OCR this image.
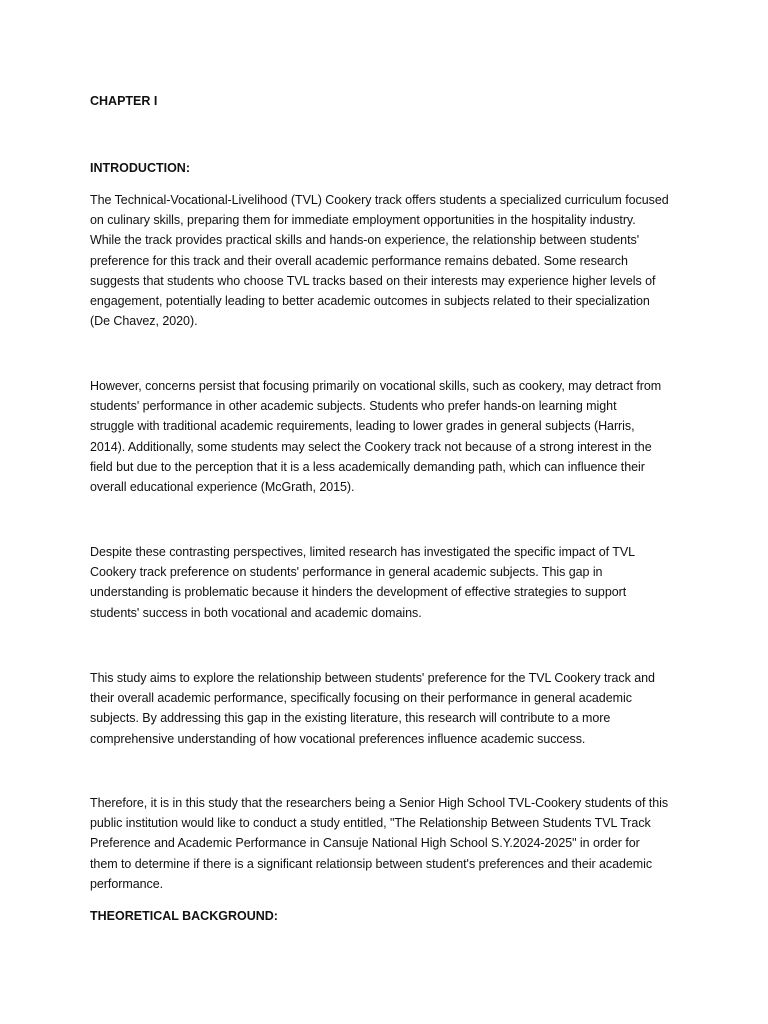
CHAPTER I
INTRODUCTION:

The Technical-Vocational-Livelihood (TVL) Cookery track offers students a specialized curriculum focused
on culinary skills, preparing them for immediate employment opportunities in the hospitality industry.
While the track provides practical skills and hands-on experience, the relationship between students'
preference for this track and their overall academic performance remains debated. Some research
suggests that students who choose TVL tracks based on their interests may experience higher levels of
engagement, potentially leading to better academic outcomes in subjects related to their specialization
(De Chavez, 2020).

However, concerns persist that focusing primarily on vocational skills, such as cookery, may detract from
students' performance in other academic subjects. Students who prefer hands-on learning might
struggle with traditional academic requirements, leading to lower grades in general subjects (Harris,
2014). Additionally, some students may select the Cookery track not because of a strong interest in the
field but due to the perception that it is a less academically demanding path, which can influence their
overall educational experience (McGrath, 2015).

Despite these contrasting perspectives, limited research has investigated the specific impact of TVL
Cookery track preference on students' performance in general academic subjects. This gap in
understanding is problematic because it hinders the development of effective strategies to support
students' success in both vocational and academic domains.

This study aims to explore the relationship between students' preference for the TVL Cookery track and
their overall academic performance, specifically focusing on their performance in general academic
subjects. By addressing this gap in the existing literature, this research will contribute to a more
comprehensive understanding of how vocational preferences influence academic success.

Therefore, it is in this study that the researchers being a Senior High School TVL-Cookery students of this
public institution would like to conduct a study entitled, "The Relationship Between Students TVL Track
Preference and Academic Performance in Cansuje National High School S.Y.2024-2025" in order for
them to determine if there is a significant relationsip between student's preferences and their academic
performance.

THEORETICAL BACKGROUND:
